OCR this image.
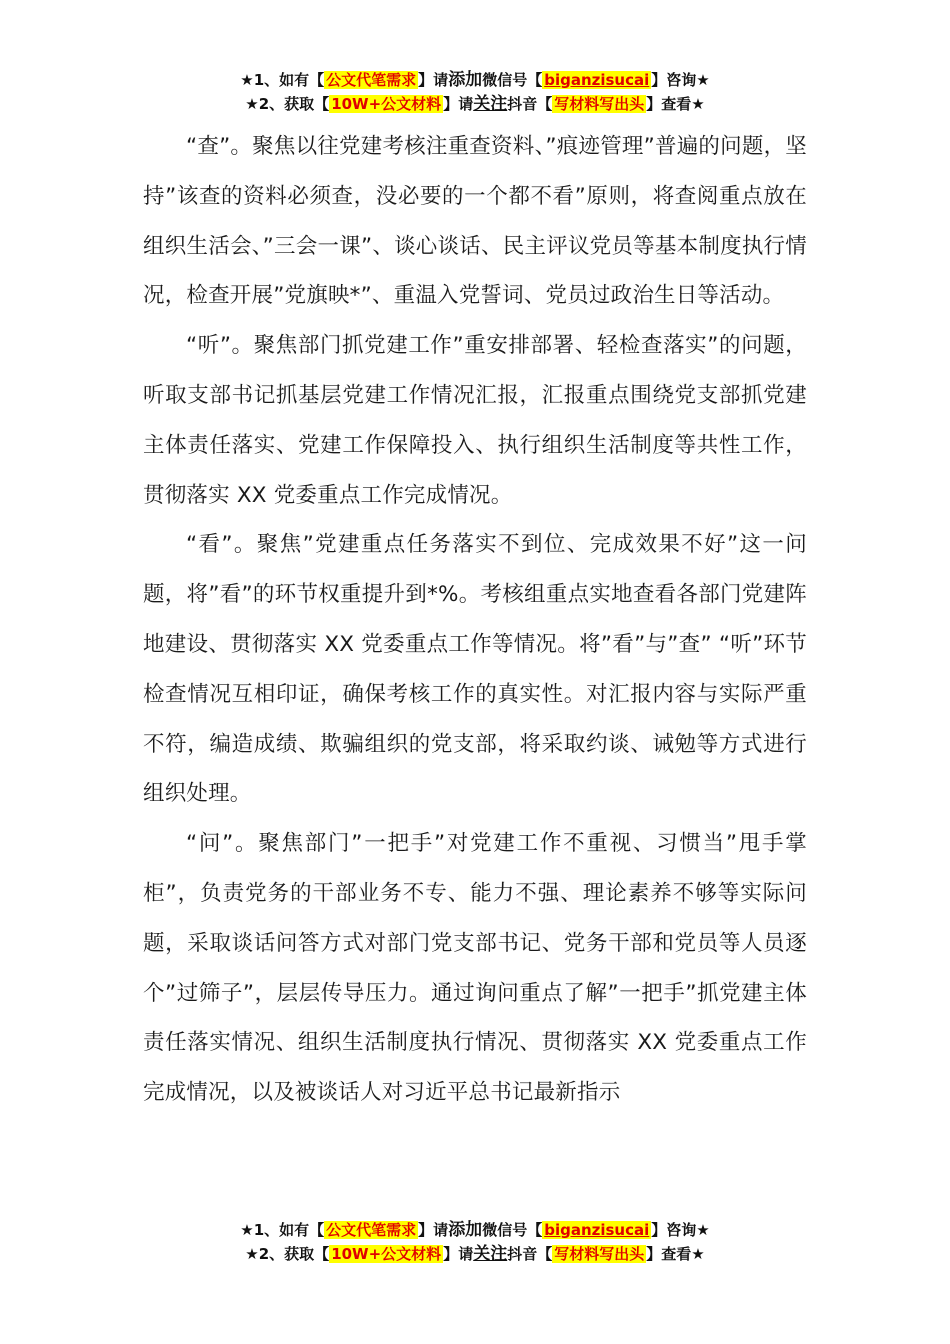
★1、如有【 公文代笔需求 】请添加微信号【 biganzisucai 】咨询★
★2、获取【 10W+公文材料 】请关注抖音【 写材料写出头 】查看★

“查”。聚焦以往党建考核注重查资料、”痕迹管理”普遍的问题，坚持”该查的资料必须查，没必要的一个都不看”原则，将查阅重点放在组织生活会、”三会一课”、谈心谈话、民主评议党员等基本制度执行情况，检查开展”党旗映*”、重温入党誓词、党员过政治生日等活动。

“听”。聚焦部门抓党建工作”重安排部署、轻检查落实”的问题，听取支部书记抓基层党建工作情况汇报，汇报重点围绕党支部抓党建主体责任落实、党建工作保障投入、执行组织生活制度等共性工作，贯彻落实 XX 党委重点工作完成情况。

“看”。聚焦”党建重点任务落实不到位、完成效果不好”这一问题，将”看”的环节权重提升到*%。考核组重点实地查看各部门党建阵地建设、贯彻落实 XX 党委重点工作等情况。将”看”与”查” “听”环节检查情况互相印证，确保考核工作的真实性。对汇报内容与实际严重不符，编造成绩、欺骗组织的党支部，将采取约谈、诫勉等方式进行组织处理。

“问”。聚焦部门”一把手”对党建工作不重视、习惯当”甩手掌柜”，负责党务的干部业务不专、能力不强、理论素养不够等实际问题，采取谈话问答方式对部门党支部书记、党务干部和党员等人员逐个”过筛子”，层层传导压力。通过询问重点了解”一把手”抓党建主体责任落实情况、组织生活制度执行情况、贯彻落实 XX 党委重点工作完成情况，以及被谈话人对习近平总书记最新指示

★1、如有【 公文代笔需求 】请添加微信号【 biganzisucai 】咨询★
★2、获取【 10W+公文材料 】请关注抖音【 写材料写出头 】查看★
